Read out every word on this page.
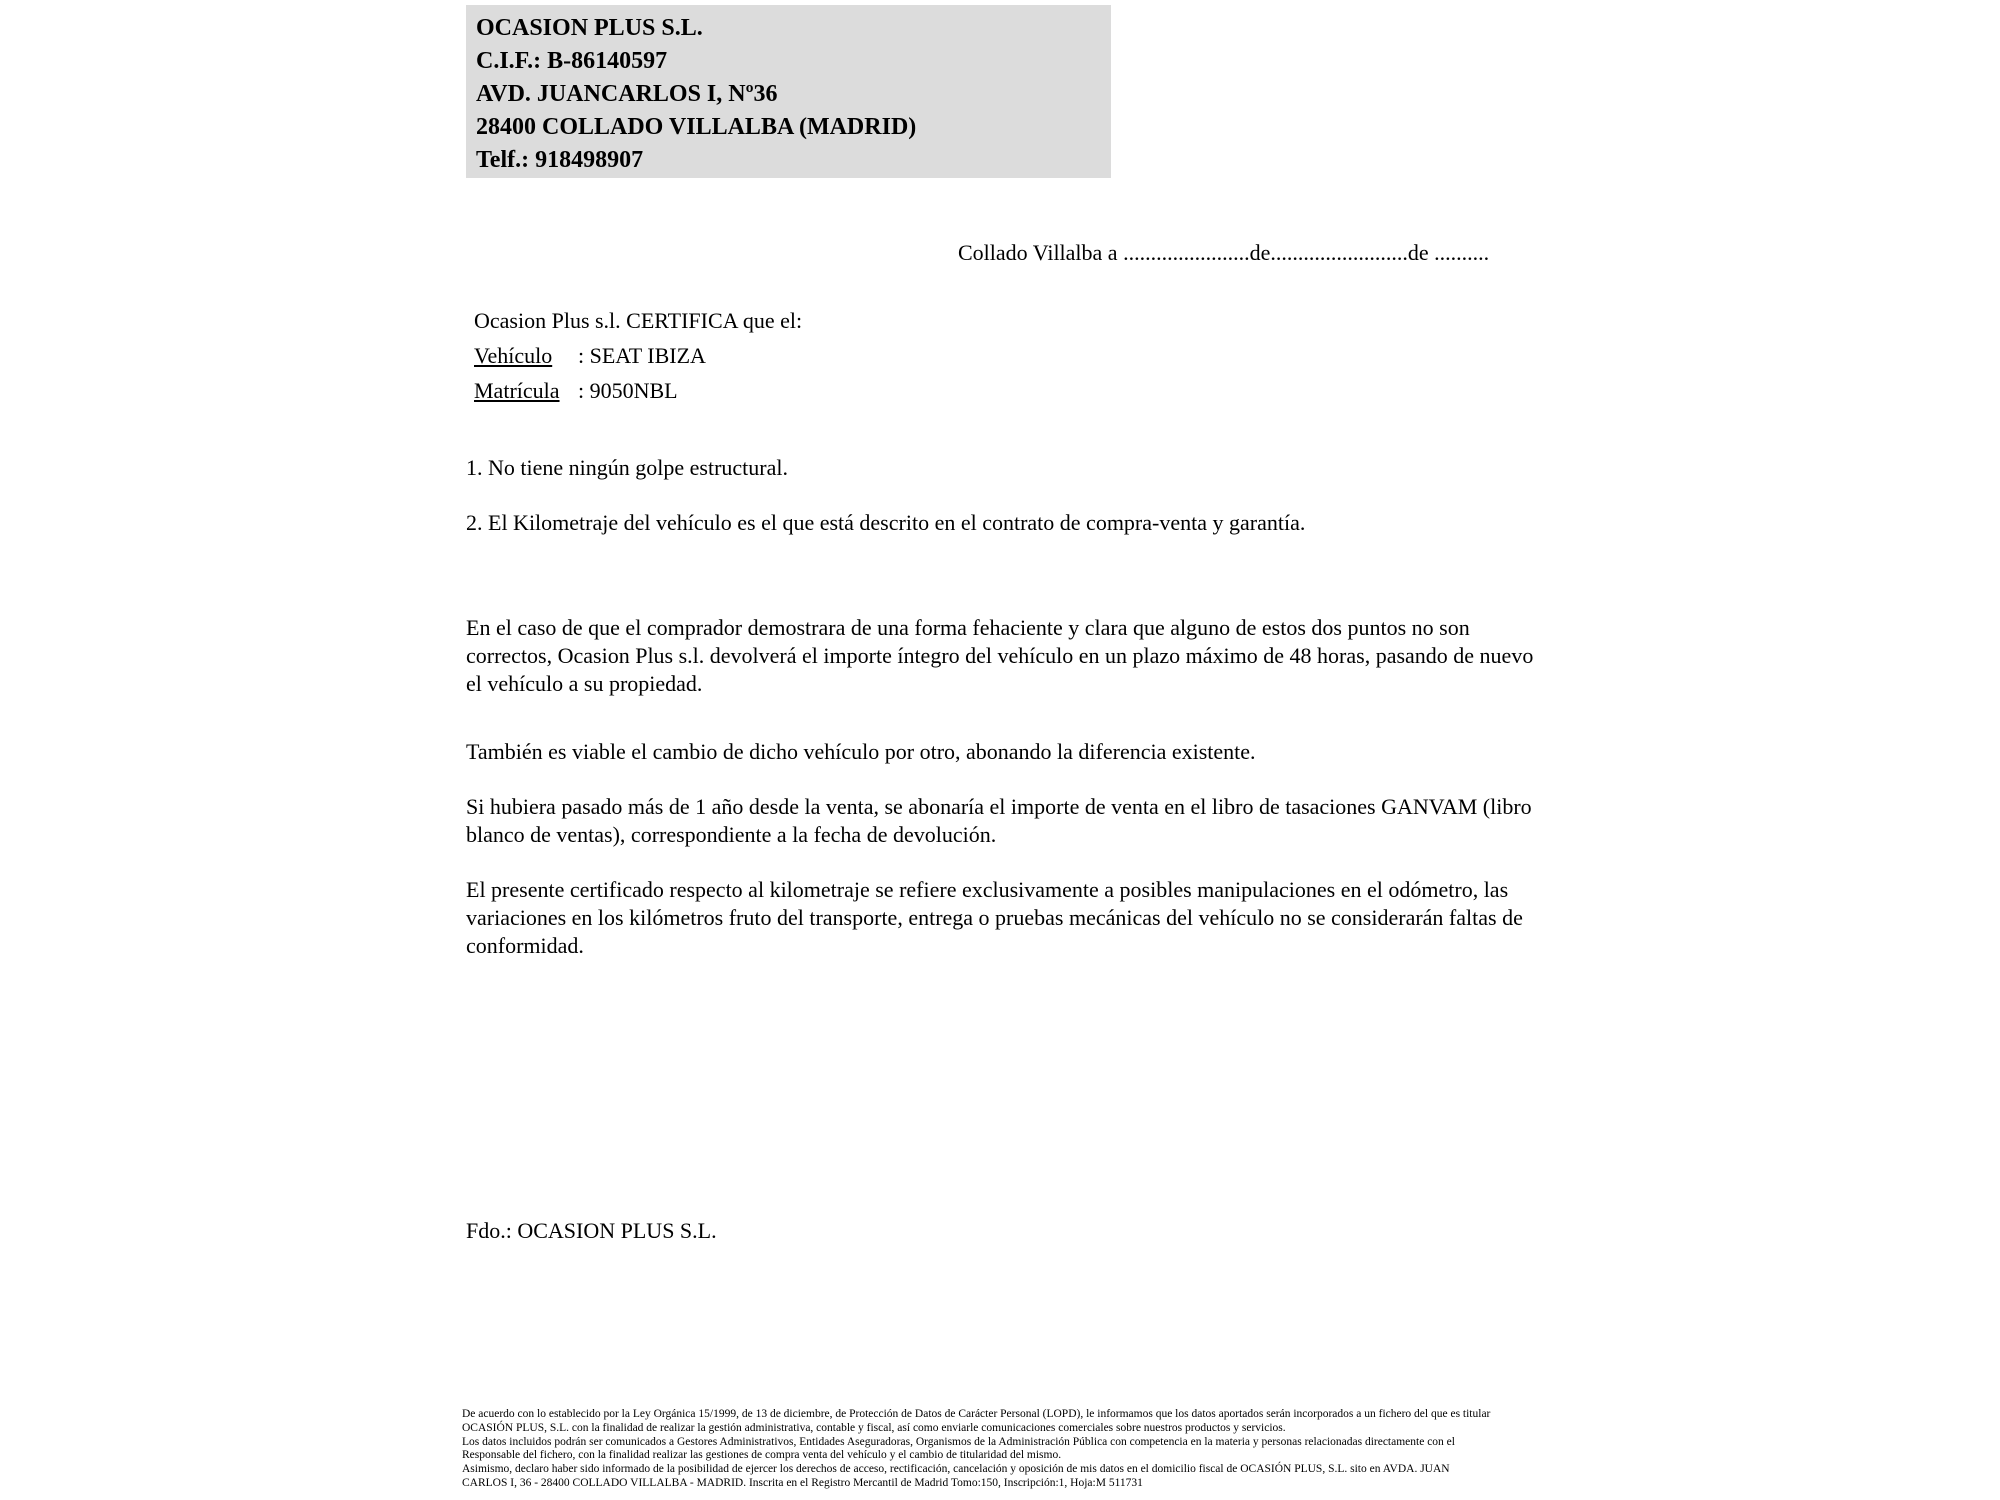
OCASION PLUS S.L.
C.I.F.: B-86140597
AVD. JUANCARLOS I, Nº36
28400 COLLADO VILLALBA (MADRID)
Telf.: 918498907
Collado Villalba a .......................de.........................de ..........
Ocasion Plus s.l. CERTIFICA que el:
Vehículo : SEAT IBIZA
Matrícula : 9050NBL
1. No tiene ningún golpe estructural.
2. El Kilometraje del vehículo es el que está descrito en el contrato de compra-venta y garantía.
En el caso de que el comprador demostrara de una forma fehaciente y clara que alguno de estos dos puntos no son correctos, Ocasion Plus s.l. devolverá el importe íntegro del vehículo en un plazo máximo de 48 horas, pasando de nuevo el vehículo a su propiedad.
También es viable el cambio de dicho vehículo por otro, abonando la diferencia existente.
Si hubiera pasado más de 1 año desde la venta, se abonaría el importe de venta en el libro de tasaciones GANVAM (libro blanco de ventas), correspondiente a la fecha de devolución.
El presente certificado respecto al kilometraje se refiere exclusivamente a posibles manipulaciones en el odómetro, las variaciones en los kilómetros fruto del transporte, entrega o pruebas mecánicas del vehículo no se considerarán faltas de conformidad.
Fdo.: OCASION PLUS S.L.
De acuerdo con lo establecido por la Ley Orgánica 15/1999, de 13 de diciembre, de Protección de Datos de Carácter Personal (LOPD), le informamos que los datos aportados serán incorporados a un fichero del que es titular
OCASIÓN PLUS, S.L. con la finalidad de realizar la gestión administrativa, contable y fiscal, así como enviarle comunicaciones comerciales sobre nuestros productos y servicios.
Los datos incluidos podrán ser comunicados a Gestores Administrativos, Entidades Aseguradoras, Organismos de la Administración Pública con competencia en la materia y personas relacionadas directamente con el
Responsable del fichero, con la finalidad realizar las gestiones de compra venta del vehículo y el cambio de titularidad del mismo.
Asimismo, declaro haber sido informado de la posibilidad de ejercer los derechos de acceso, rectificación, cancelación y oposición de mis datos en el domicilio fiscal de OCASIÓN PLUS, S.L. sito en AVDA. JUAN
CARLOS I, 36 - 28400 COLLADO VILLALBA - MADRID. Inscrita en el Registro Mercantil de Madrid Tomo:150, Inscripción:1, Hoja:M 511731
